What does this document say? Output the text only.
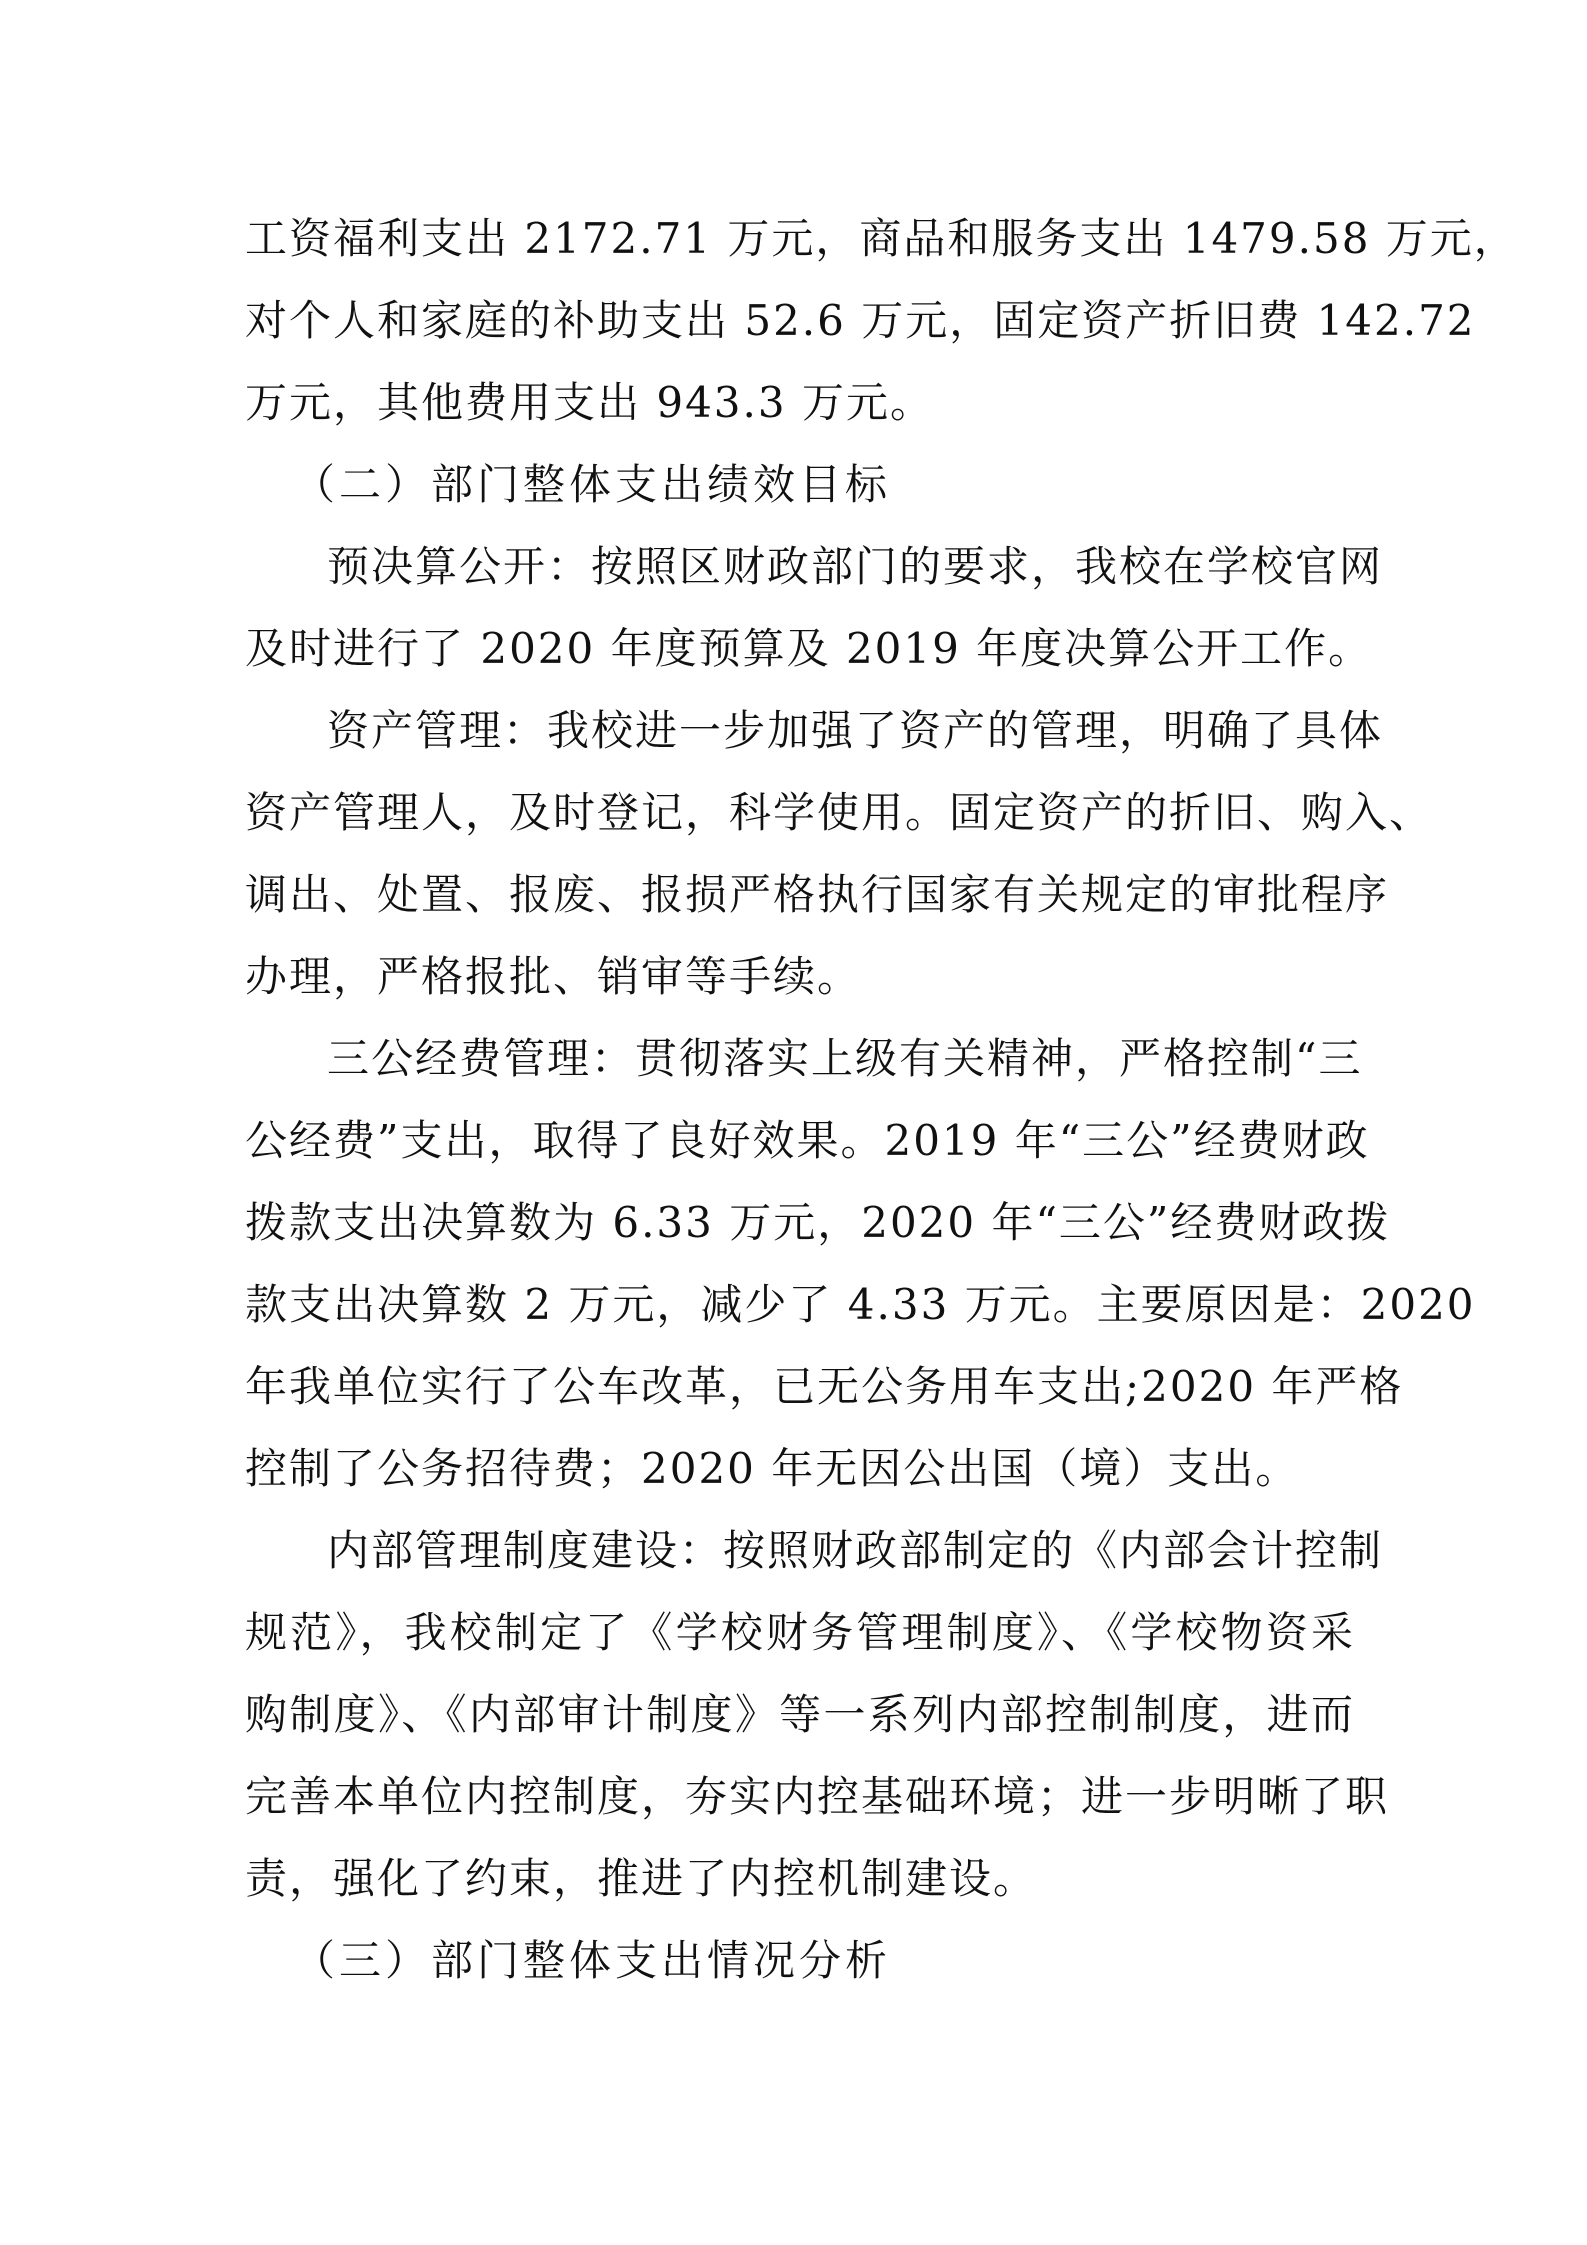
工资福利支出 2172.71 万元，商品和服务支出 1479.58 万元，
对个人和家庭的补助支出 52.6 万元，固定资产折旧费 142.72
万元，其他费用支出 943.3 万元。
（二）部门整体支出绩效目标
预决算公开：按照区财政部门的要求，我校在学校官网
及时进行了 2020 年度预算及 2019 年度决算公开工作。
资产管理：我校进一步加强了资产的管理，明确了具体
资产管理人，及时登记，科学使用。固定资产的折旧、购入、
调出、处置、报废、报损严格执行国家有关规定的审批程序
办理，严格报批、销审等手续。
三公经费管理：贯彻落实上级有关精神，严格控制“三
公经费”支出，取得了良好效果。2019 年“三公”经费财政
拨款支出决算数为 6.33 万元，2020 年“三公”经费财政拨
款支出决算数 2 万元，减少了 4.33 万元。主要原因是：2020
年我单位实行了公车改革，已无公务用车支出;2020 年严格
控制了公务招待费；2020 年无因公出国（境）支出。
内部管理制度建设：按照财政部制定的《内部会计控制
规范》，我校制定了《学校财务管理制度》、《学校物资采
购制度》、《内部审计制度》等一系列内部控制制度，进而
完善本单位内控制度，夯实内控基础环境；进一步明晰了职
责，强化了约束，推进了内控机制建设。
（三）部门整体支出情况分析
